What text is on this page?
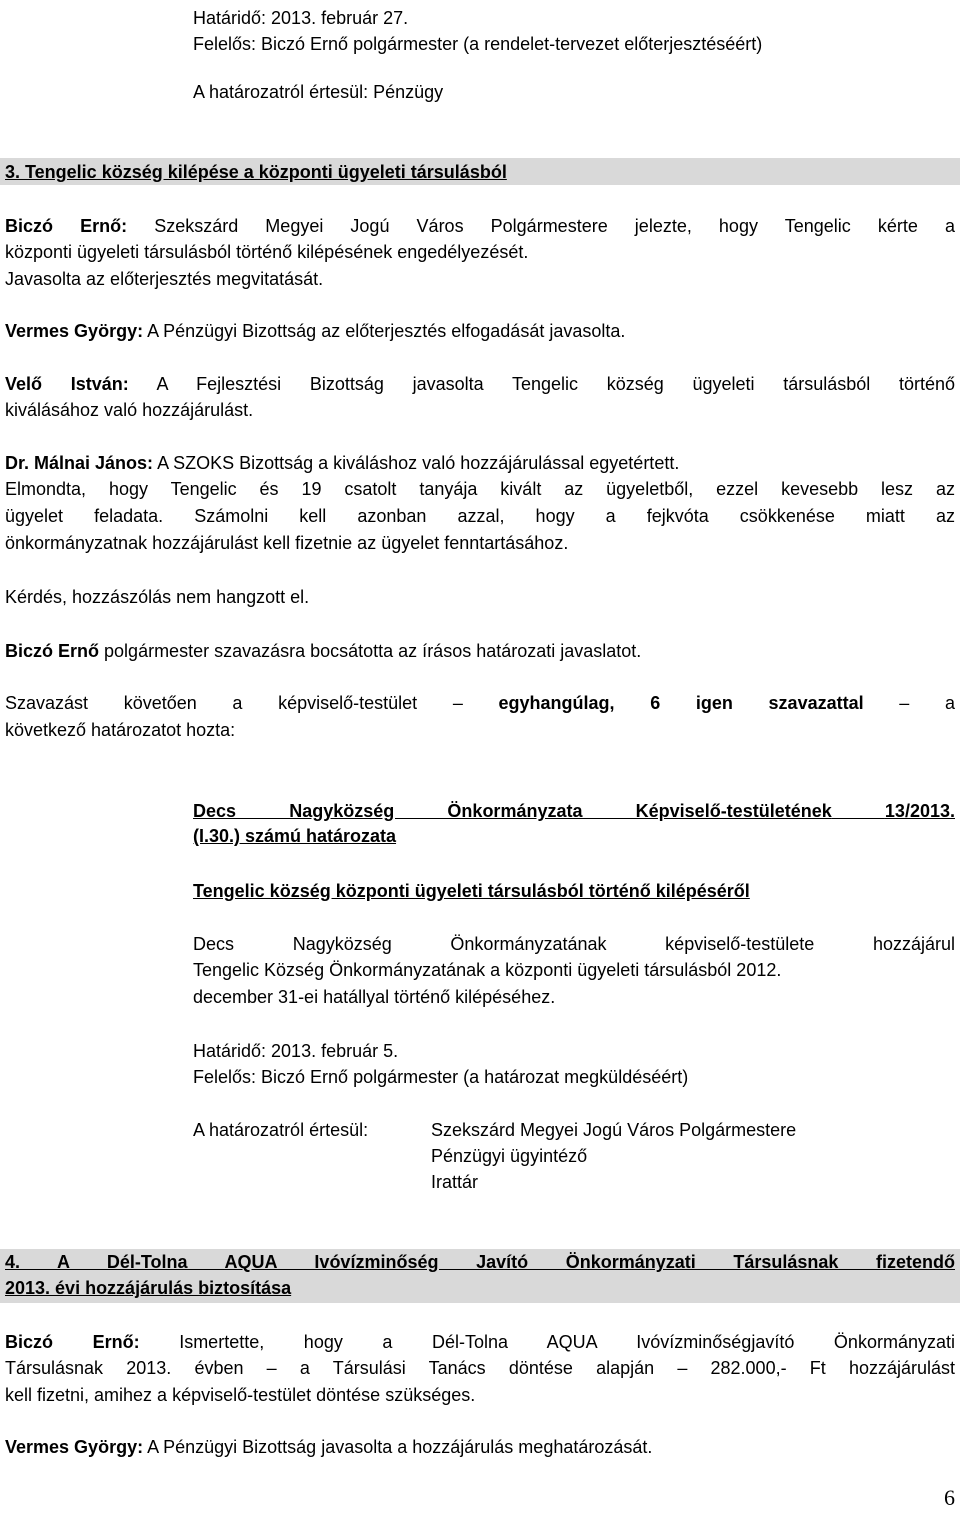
Határidő: 2013. február 27.
Felelős: Biczó Ernő polgármester (a rendelet-tervezet előterjesztéséért)
A határozatról értesül: Pénzügy
3. Tengelic község kilépése a központi ügyeleti társulásból
Biczó Ernő: Szekszárd Megyei Jogú Város Polgármestere jelezte, hogy Tengelic kérte a
központi ügyeleti társulásból történő kilépésének engedélyezését.
Javasolta az előterjesztés megvitatását.
Vermes György: A Pénzügyi Bizottság az előterjesztés elfogadását javasolta.
Velő István: A Fejlesztési Bizottság javasolta Tengelic község ügyeleti társulásból történő
kiválásához való hozzájárulást.
Dr. Málnai János: A SZOKS Bizottság a kiváláshoz való hozzájárulással egyetértett.
Elmondta, hogy Tengelic és 19 csatolt tanyája kivált az ügyeletből, ezzel kevesebb lesz az
ügyelet feladata. Számolni kell azonban azzal, hogy a fejkvóta csökkenése miatt az
önkormányzatnak hozzájárulást kell fizetnie az ügyelet fenntartásához.
Kérdés, hozzászólás nem hangzott el.
Biczó Ernő polgármester szavazásra bocsátotta az írásos határozati javaslatot.
Szavazást követően a képviselő-testület – egyhangúlag, 6 igen szavazattal – a
következő határozatot hozta:
Decs Nagyközség Önkormányzata Képviselő-testületének	13/2013.
(I.30.) számú határozata
Tengelic község központi ügyeleti társulásból történő kilépéséről
Decs Nagyközség Önkormányzatának képviselő-testülete hozzájárul
Tengelic Község Önkormányzatának a központi ügyeleti társulásból 2012.
december 31-ei hatállyal történő kilépéséhez.
Határidő: 2013. február 5.
Felelős: Biczó Ernő polgármester (a határozat megküldéséért)
A határozatról értesül:	Szekszárd Megyei Jogú Város Polgármestere
Pénzügyi ügyintéző
Irattár
4. A Dél-Tolna AQUA Ivóvízminőség Javító Önkormányzati Társulásnak fizetendő
2013. évi hozzájárulás biztosítása
Biczó Ernő: Ismertette, hogy a Dél-Tolna AQUA Ivóvízminőségjavító Önkormányzati
Társulásnak 2013. évben – a Társulási Tanács döntése alapján – 282.000,- Ft hozzájárulást
kell fizetni, amihez a képviselő-testület döntése szükséges.
Vermes György: A Pénzügyi Bizottság javasolta a hozzájárulás meghatározását.
6
